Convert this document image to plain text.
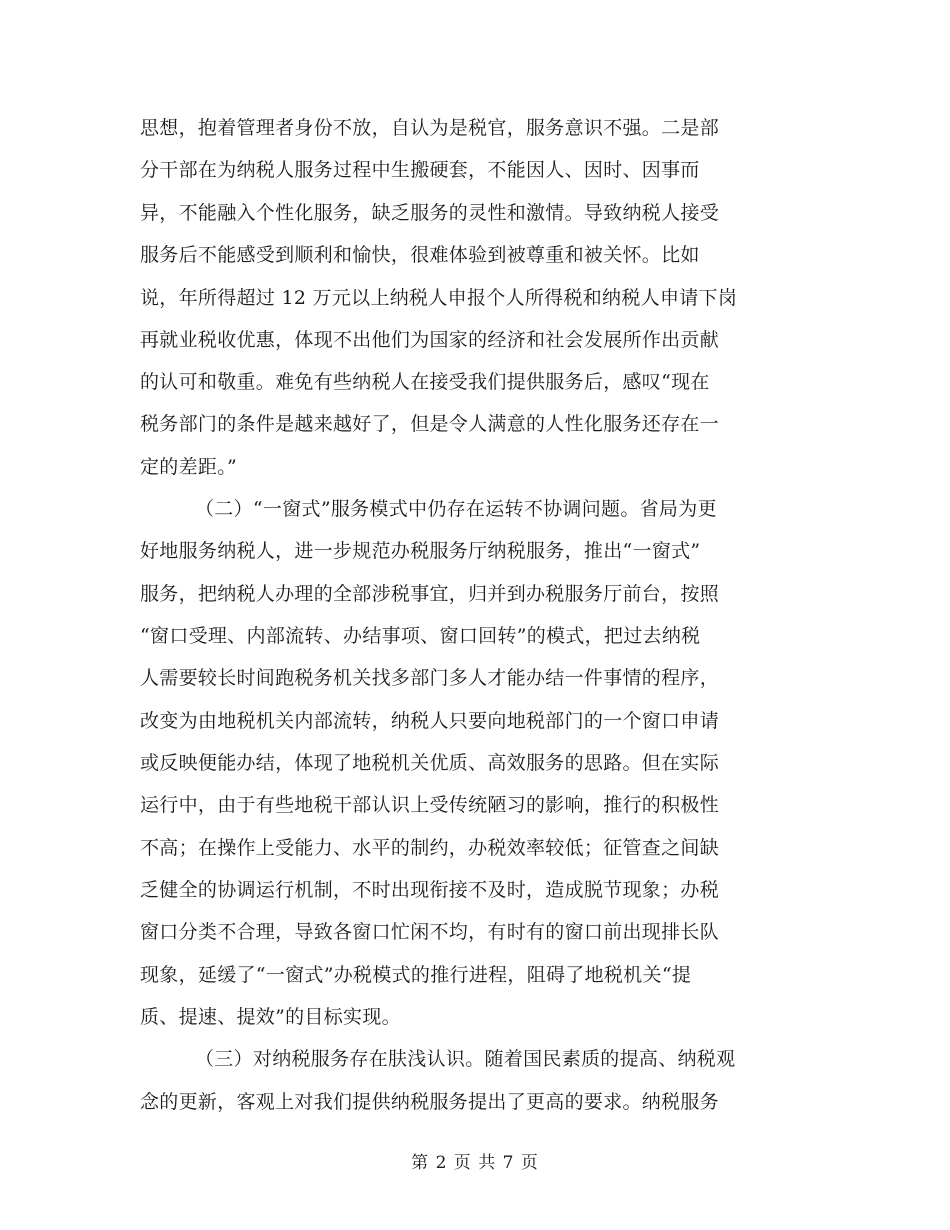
思想，抱着管理者身份不放，自认为是税官，服务意识不强。二是部
分干部在为纳税人服务过程中生搬硬套，不能因人、因时、因事而
异，不能融入个性化服务，缺乏服务的灵性和激情。导致纳税人接受
服务后不能感受到顺利和愉快，很难体验到被尊重和被关怀。比如
说，年所得超过 12 万元以上纳税人申报个人所得税和纳税人申请下岗
再就业税收优惠，体现不出他们为国家的经济和社会发展所作出贡献
的认可和敬重。难免有些纳税人在接受我们提供服务后，感叹“现在
税务部门的条件是越来越好了，但是令人满意的人性化服务还存在一
定的差距。”
（二）“一窗式”服务模式中仍存在运转不协调问题。省局为更
好地服务纳税人，进一步规范办税服务厅纳税服务，推出“一窗式”
服务，把纳税人办理的全部涉税事宜，归并到办税服务厅前台，按照
“窗口受理、内部流转、办结事项、窗口回转”的模式，把过去纳税
人需要较长时间跑税务机关找多部门多人才能办结一件事情的程序，
改变为由地税机关内部流转，纳税人只要向地税部门的一个窗口申请
或反映便能办结，体现了地税机关优质、高效服务的思路。但在实际
运行中，由于有些地税干部认识上受传统陋习的影响，推行的积极性
不高；在操作上受能力、水平的制约，办税效率较低；征管查之间缺
乏健全的协调运行机制，不时出现衔接不及时，造成脱节现象；办税
窗口分类不合理，导致各窗口忙闲不均，有时有的窗口前出现排长队
现象，延缓了“一窗式”办税模式的推行进程，阻碍了地税机关“提
质、提速、提效”的目标实现。
（三）对纳税服务存在肤浅认识。随着国民素质的提高、纳税观
念的更新，客观上对我们提供纳税服务提出了更高的要求。纳税服务
第 2 页 共 7 页
